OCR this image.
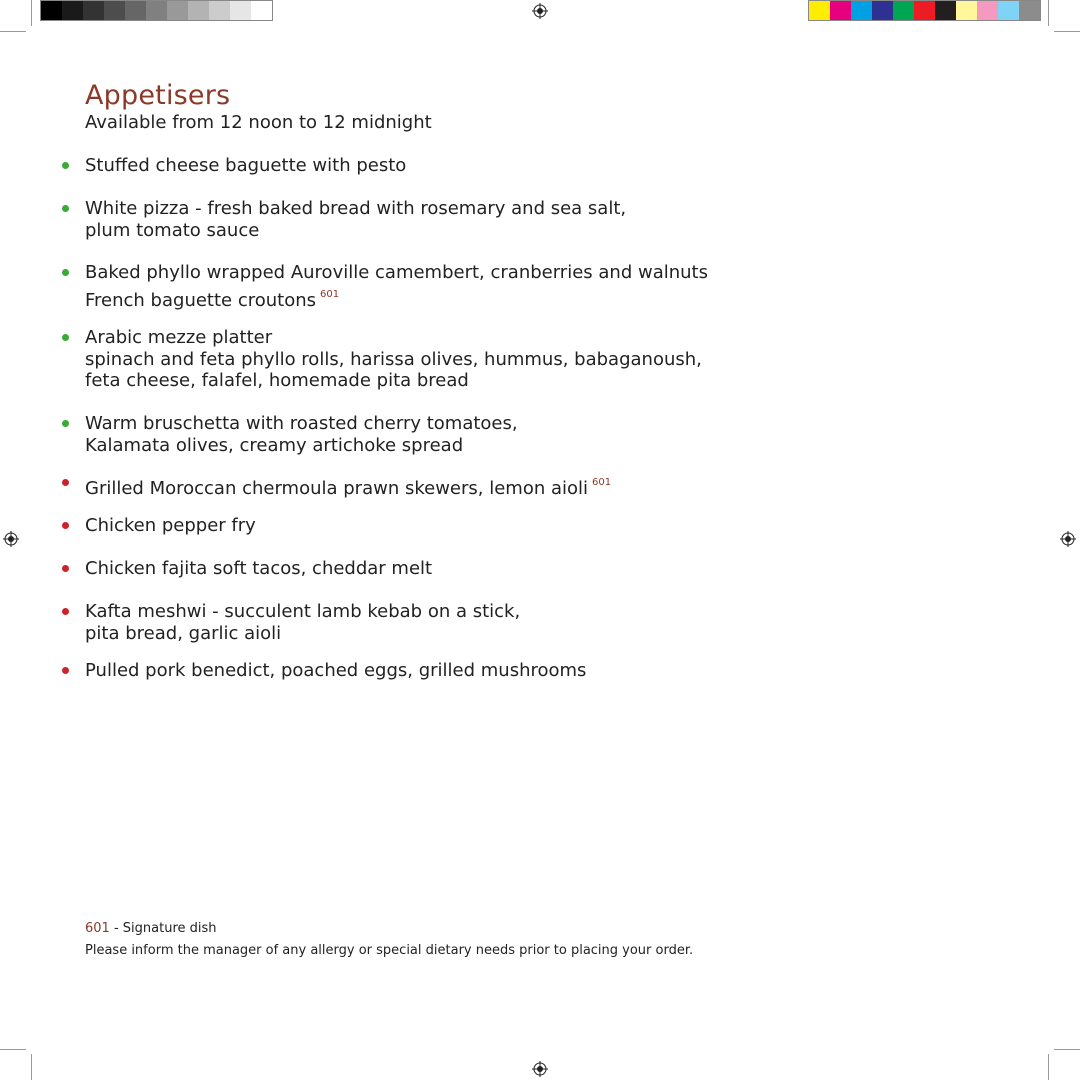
Appetisers

Available from 12 noon to 12 midnight

Stuffed cheese baguette with pesto
White pizza - fresh baked bread with rosemary and sea salt,
plum tomato sauce
Baked phyllo wrapped Auroville camembert, cranberries and walnuts
French baguette croutons $^{601}$
Arabic mezze platter
spinach and feta phyllo rolls, harissa olives, hummus, babaganoush,
feta cheese, falafel, homemade pita bread
Warm bruschetta with roasted cherry tomatoes,
Kalamata olives, creamy artichoke spread
Grilled Moroccan chermoula prawn skewers, lemon aioli $^{601}$
Chicken pepper fry
Chicken fajita soft tacos, cheddar melt
Kafta meshwi - succulent lamb kebab on a stick,
pita bread, garlic aioli
Pulled pork benedict, poached eggs, grilled mushrooms
601 - Signature dish
Please inform the manager of any allergy or special dietary needs prior to placing your order.
